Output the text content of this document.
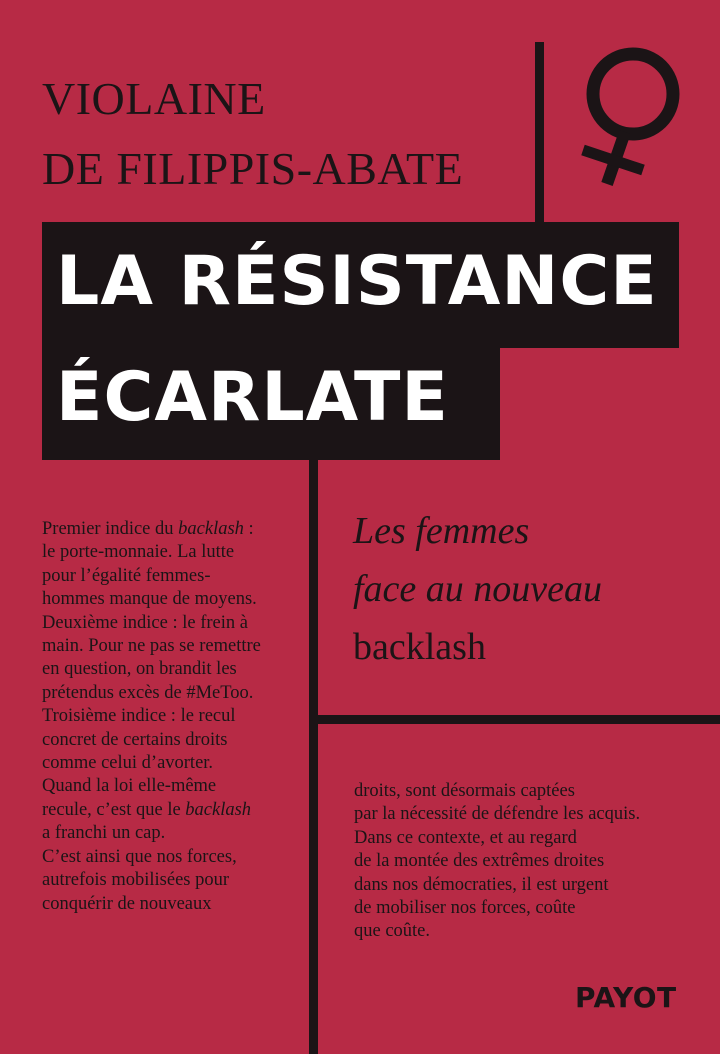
VIOLAINE
DE FILIPPIS-ABATE
LA RÉSISTANCE
ÉCARLATE
Les femmes
face au nouveau
backlash
Premier indice du backlash :
le porte-monnaie. La lutte
pour l’égalité femmes-
hommes manque de moyens.
Deuxième indice : le frein à
main. Pour ne pas se remettre
en question, on brandit les
prétendus excès de #MeToo.
Troisième indice : le recul
concret de certains droits
comme celui d’avorter.
Quand la loi elle-même
recule, c’est que le backlash
a franchi un cap.
C’est ainsi que nos forces,
autrefois mobilisées pour
conquérir de nouveaux
droits, sont désormais captées
par la nécessité de défendre les acquis.
Dans ce contexte, et au regard
de la montée des extrêmes droites
dans nos démocraties, il est urgent
de mobiliser nos forces, coûte
que coûte.
PAYOT
